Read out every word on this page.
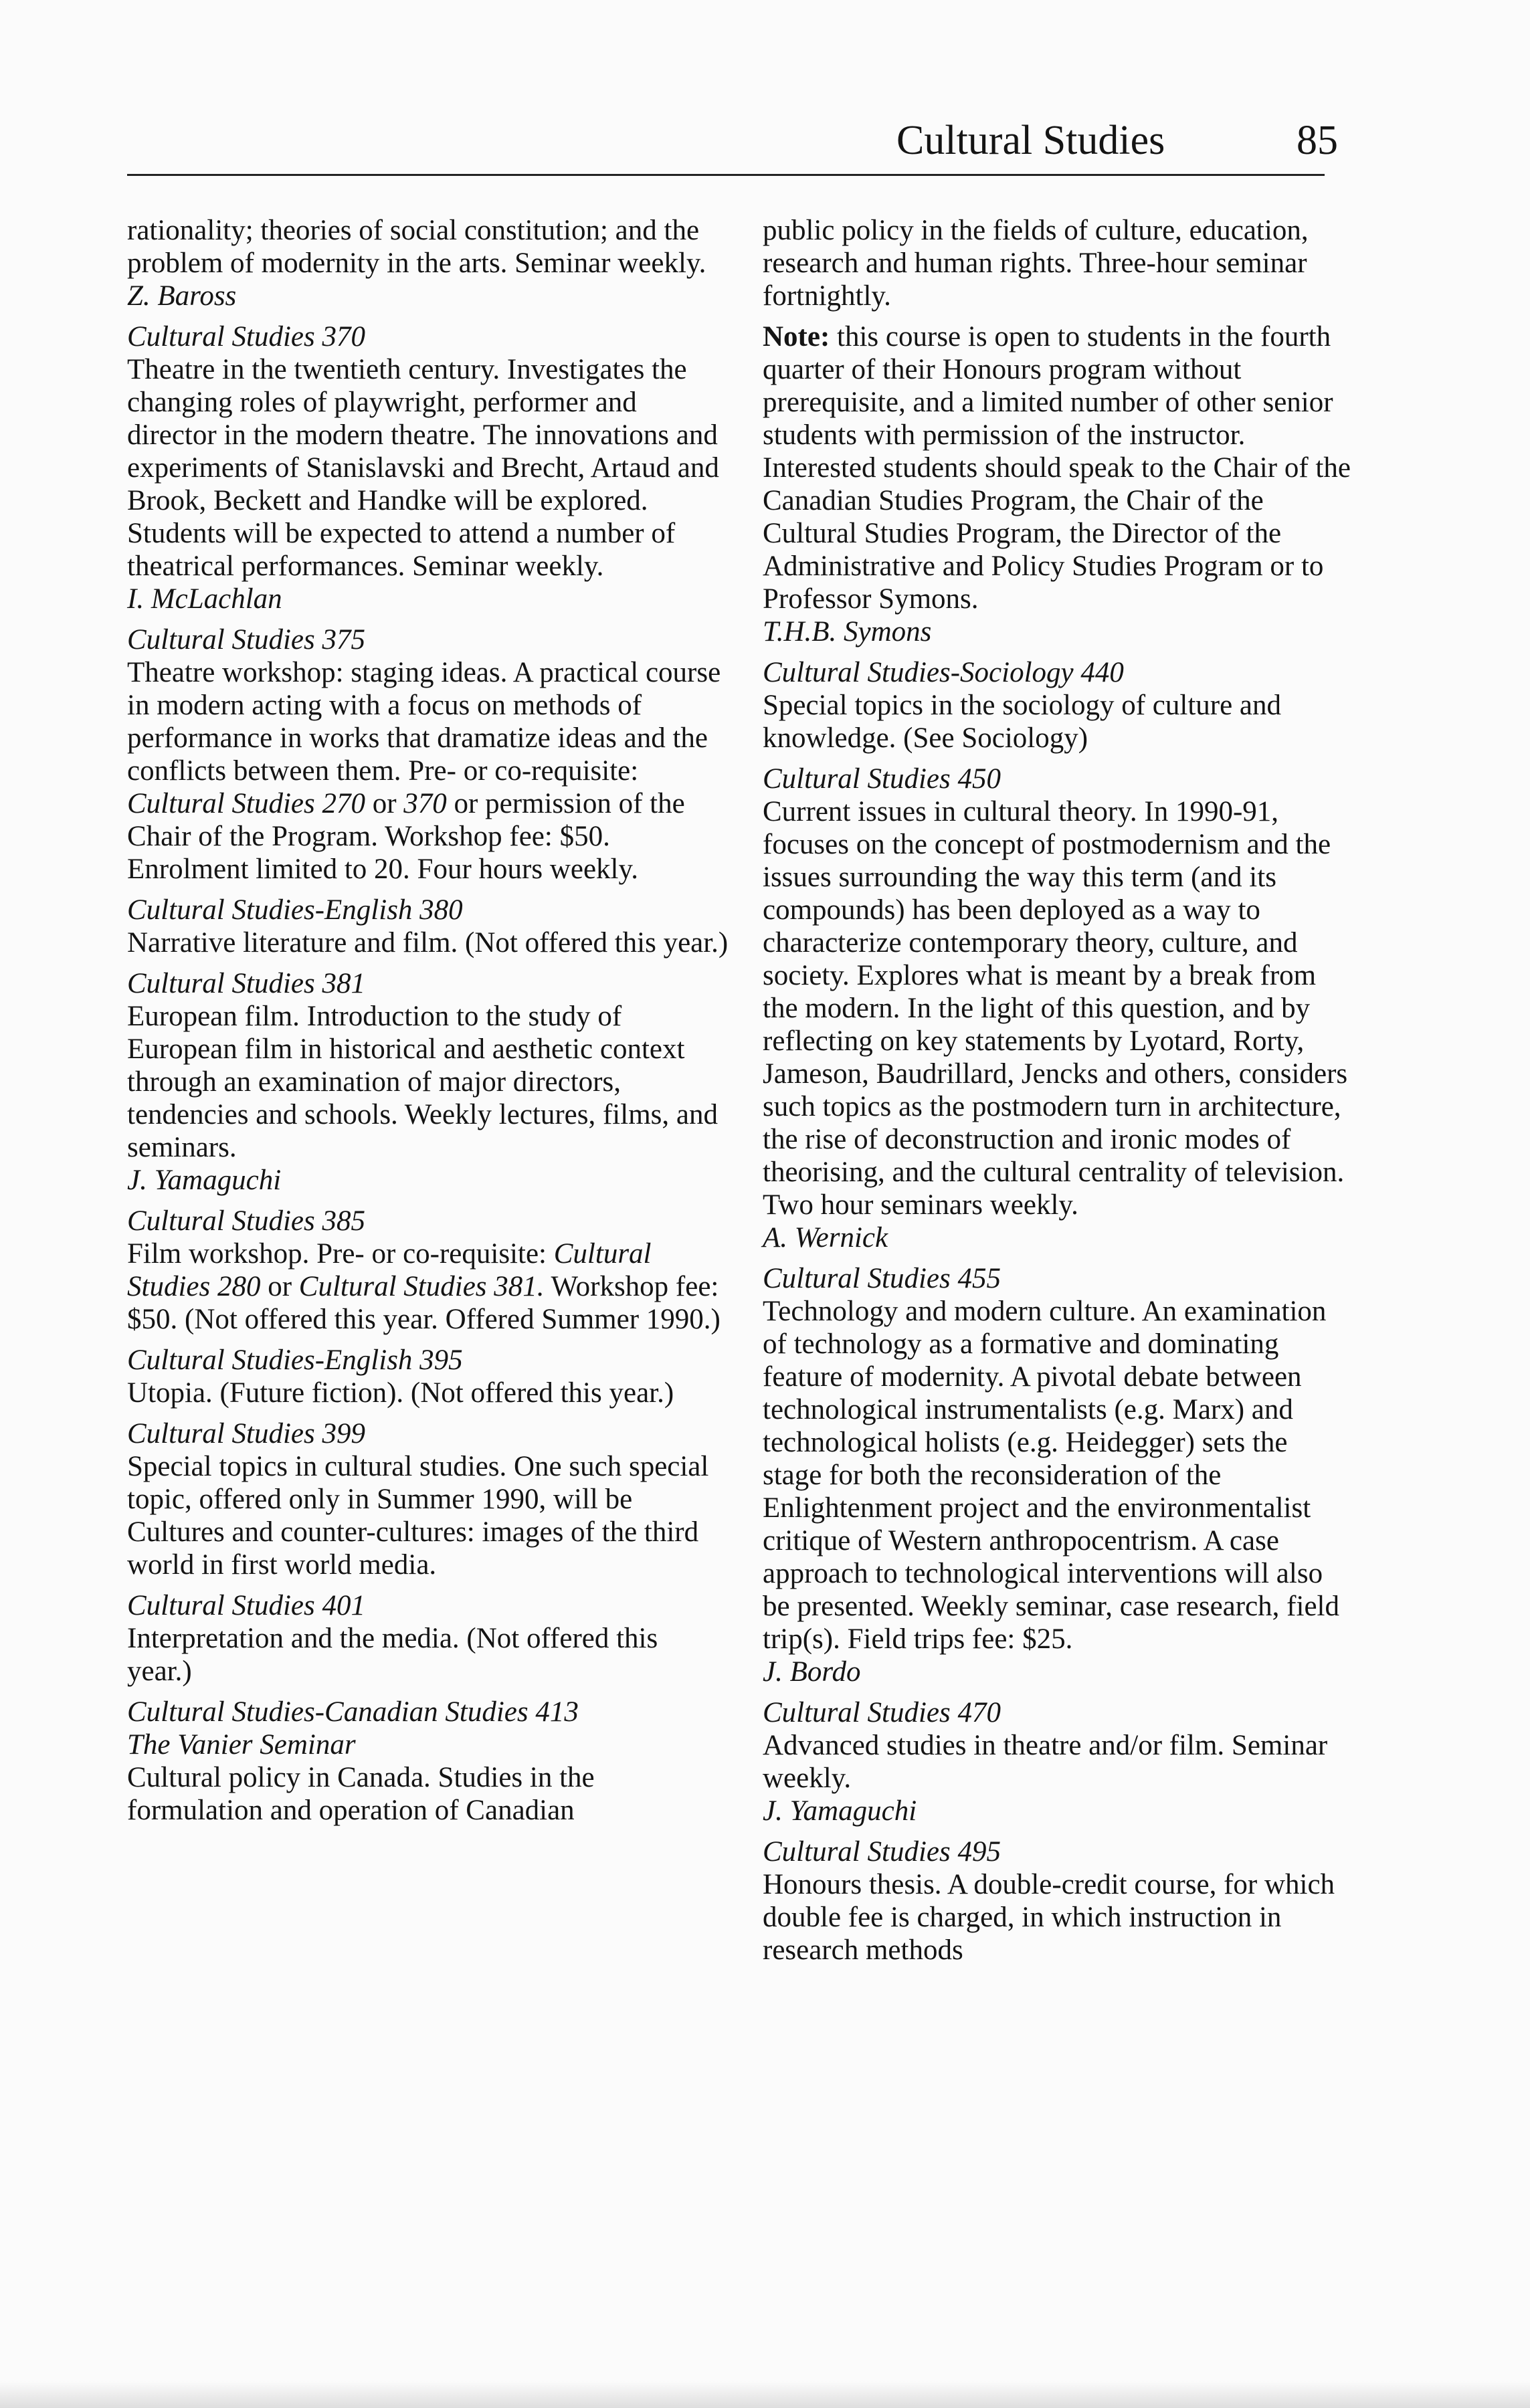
Cultural Studies	85
rationality; theories of social constitution; and the problem of modernity in the arts. Seminar weekly.
Z. Baross
Cultural Studies 370
Theatre in the twentieth century. Investigates the changing roles of playwright, performer and director in the modern theatre. The innovations and experiments of Stanislavski and Brecht, Artaud and Brook, Beckett and Handke will be explored. Students will be expected to attend a number of theatrical performances. Seminar weekly.
I. McLachlan
Cultural Studies 375
Theatre workshop: staging ideas. A practical course in modern acting with a focus on methods of performance in works that dramatize ideas and the conflicts between them. Pre- or co-requisite: Cultural Studies 270 or 370 or permission of the Chair of the Program. Workshop fee: $50. Enrolment limited to 20. Four hours weekly.
Cultural Studies-English 380
Narrative literature and film. (Not offered this year.)
Cultural Studies 381
European film. Introduction to the study of European film in historical and aesthetic context through an examination of major directors, tendencies and schools. Weekly lectures, films, and seminars.
J. Yamaguchi
Cultural Studies 385
Film workshop. Pre- or co-requisite: Cultural Studies 280 or Cultural Studies 381. Workshop fee: $50. (Not offered this year. Offered Summer 1990.)
Cultural Studies-English 395
Utopia. (Future fiction). (Not offered this year.)
Cultural Studies 399
Special topics in cultural studies. One such special topic, offered only in Summer 1990, will be Cultures and counter-cultures: images of the third world in first world media.
Cultural Studies 401
Interpretation and the media. (Not offered this year.)
Cultural Studies-Canadian Studies 413
The Vanier Seminar
Cultural policy in Canada. Studies in the formulation and operation of Canadian
public policy in the fields of culture, education, research and human rights. Three-hour seminar fortnightly.
Note: this course is open to students in the fourth quarter of their Honours program without prerequisite, and a limited number of other senior students with permission of the instructor. Interested students should speak to the Chair of the Canadian Studies Program, the Chair of the Cultural Studies Program, the Director of the Administrative and Policy Studies Program or to Professor Symons.
T.H.B. Symons
Cultural Studies-Sociology 440
Special topics in the sociology of culture and knowledge. (See Sociology)
Cultural Studies 450
Current issues in cultural theory. In 1990-91, focuses on the concept of postmodernism and the issues surrounding the way this term (and its compounds) has been deployed as a way to characterize contemporary theory, culture, and society. Explores what is meant by a break from the modern. In the light of this question, and by reflecting on key statements by Lyotard, Rorty, Jameson, Baudrillard, Jencks and others, considers such topics as the postmodern turn in architecture, the rise of deconstruction and ironic modes of theorising, and the cultural centrality of television. Two hour seminars weekly.
A. Wernick
Cultural Studies 455
Technology and modern culture. An examination of technology as a formative and dominating feature of modernity. A pivotal debate between technological instrumentalists (e.g. Marx) and technological holists (e.g. Heidegger) sets the stage for both the reconsideration of the Enlightenment project and the environmentalist critique of Western anthropocentrism. A case approach to technological interventions will also be presented. Weekly seminar, case research, field trip(s). Field trips fee: $25.
J. Bordo
Cultural Studies 470
Advanced studies in theatre and/or film. Seminar weekly.
J. Yamaguchi
Cultural Studies 495
Honours thesis. A double-credit course, for which double fee is charged, in which instruction in research methods
